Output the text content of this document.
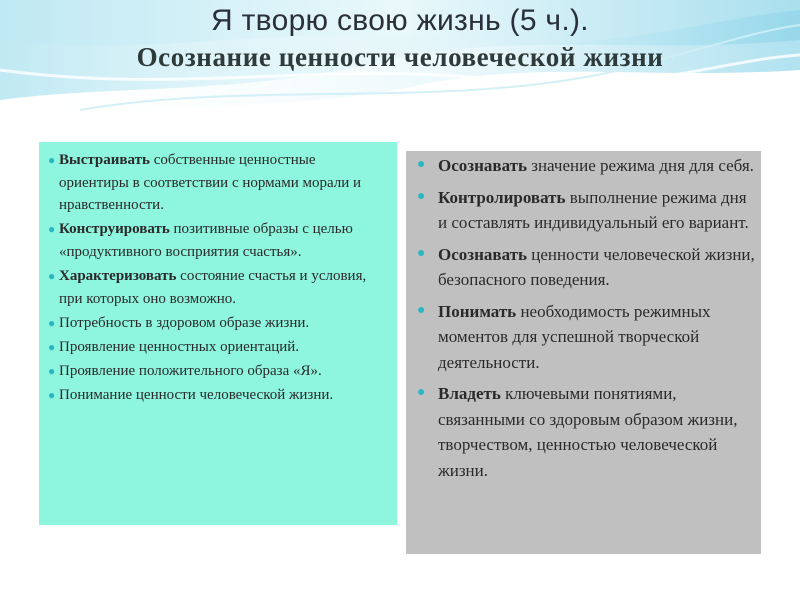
Я творю свою жизнь (5 ч.).
Осознание ценности человеческой жизни
● Выстраивать собственные ценностные ориентиры в соответствии с нормами морали и нравственности.
● Конструировать позитивные образы с целью «продуктивного восприятия счастья».
● Характеризовать состояние счастья и условия, при которых оно возможно.
● Потребность в здоровом образе жизни.
● Проявление ценностных ориентаций.
● Проявление положительного образа «Я».
● Понимание ценности человеческой жизни.
● Осознавать значение режима дня для себя.
● Контролировать выполнение режима дня и составлять индивидуальный его вариант.
● Осознавать ценности человеческой жизни, безопасного поведения.
● Понимать необходимость режимных моментов для успешной творческой деятельности.
● Владеть ключевыми понятиями, связанными со здоровым образом жизни, творчеством, ценностью человеческой жизни.
